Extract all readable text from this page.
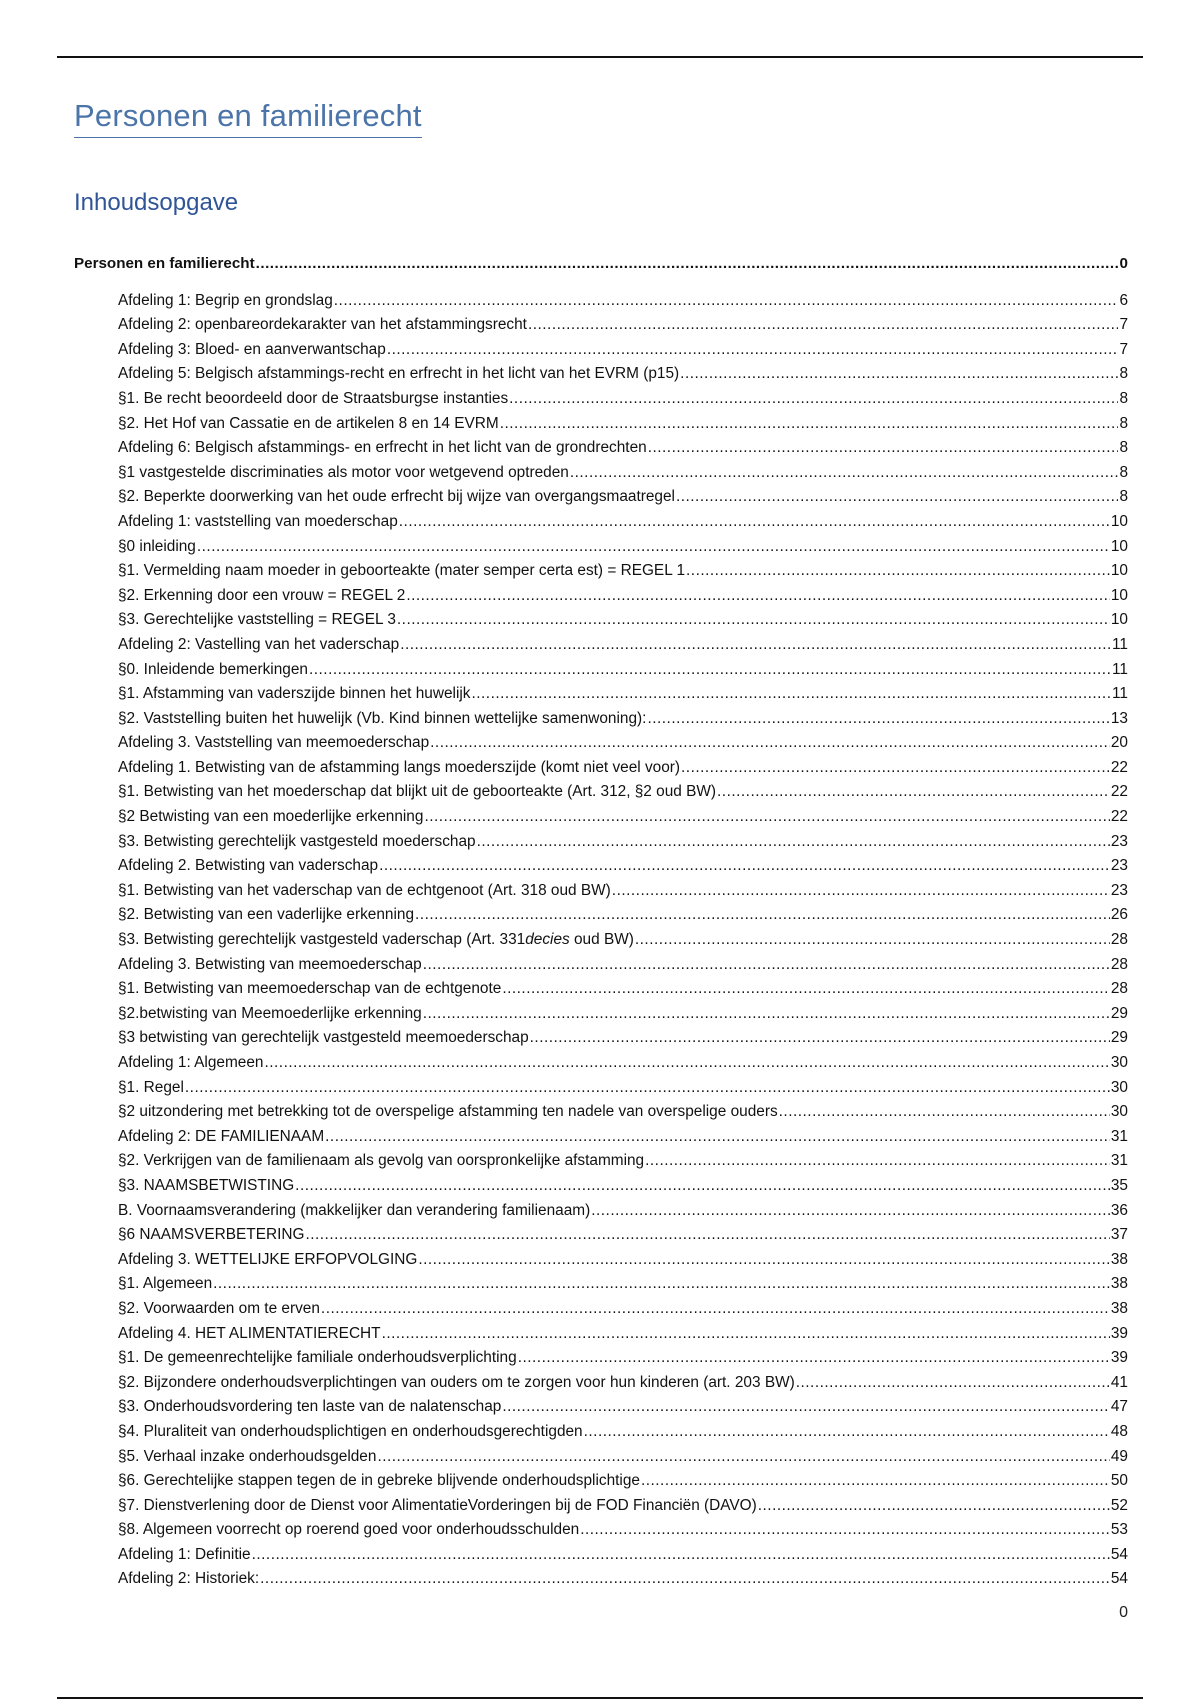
Personen en familierecht
Inhoudsopgave
Personen en familierecht .....	0
Afdeling 1: Begrip en grondslag .....	6
Afdeling 2: openbareordekarakter van het afstammingsrecht .....	7
Afdeling 3: Bloed- en aanverwantschap .....	7
Afdeling 5: Belgisch afstammings-recht en erfrecht in het licht van het EVRM (p15) .....	8
§1. Be recht beoordeeld door de Straatsburgse instanties .....	8
§2. Het Hof van Cassatie en de artikelen 8 en 14 EVRM .....	8
Afdeling 6: Belgisch afstammings- en erfrecht in het licht van de grondrechten .....	8
§1 vastgestelde discriminaties als motor voor wetgevend optreden .....	8
§2. Beperkte doorwerking van het oude erfrecht bij wijze van overgangsmaatregel .....	8
Afdeling 1: vaststelling van moederschap .....	10
§0 inleiding .....	10
§1. Vermelding naam moeder in geboorteakte (mater semper certa est) = REGEL 1 .....	10
§2. Erkenning door een vrouw = REGEL 2 .....	10
§3. Gerechtelijke vaststelling = REGEL 3 .....	10
Afdeling 2: Vastelling van het vaderschap .....	11
§0. Inleidende bemerkingen .....	11
§1. Afstamming van vaderszijde binnen het huwelijk .....	11
§2. Vaststelling buiten het huwelijk (Vb. Kind binnen wettelijke samenwoning): .....	13
Afdeling 3. Vaststelling van meemoederschap .....	20
Afdeling 1. Betwisting van de afstamming langs moederszijde (komt niet veel voor) .....	22
§1. Betwisting van het moederschap dat blijkt uit de geboorteakte (Art. 312, §2 oud BW) .....	22
§2 Betwisting van een moederlijke erkenning .....	22
§3. Betwisting gerechtelijk vastgesteld moederschap .....	23
Afdeling 2. Betwisting van vaderschap .....	23
§1. Betwisting van het vaderschap van de echtgenoot (Art. 318 oud BW) .....	23
§2. Betwisting van een vaderlijke erkenning .....	26
§3. Betwisting gerechtelijk vastgesteld vaderschap (Art. 331decies oud BW) .....	28
Afdeling 3. Betwisting van meemoederschap .....	28
§1. Betwisting van meemoederschap van de echtgenote .....	28
§2.betwisting van Meemoederlijke erkenning .....	29
§3 betwisting van gerechtelijk vastgesteld meemoederschap .....	29
Afdeling 1: Algemeen .....	30
§1. Regel .....	30
§2 uitzondering met betrekking tot de overspelige afstamming ten nadele van overspelige ouders .....	30
Afdeling 2: DE FAMILIENAAM .....	31
§2. Verkrijgen van de familienaam als gevolg van oorspronkelijke afstamming .....	31
§3. NAAMSBETWISTING .....	35
B. Voornaamsverandering (makkelijker dan verandering familienaam) .....	36
§6 NAAMSVERBETERING .....	37
Afdeling 3. WETTELIJKE ERFOPVOLGING .....	38
§1. Algemeen .....	38
§2. Voorwaarden om te erven .....	38
Afdeling 4. HET ALIMENTATIERECHT .....	39
§1. De gemeenrechtelijke familiale onderhoudsverplichting .....	39
§2. Bijzondere onderhoudsverplichtingen van ouders om te zorgen voor hun kinderen (art. 203 BW) .....	41
§3. Onderhoudsvordering ten laste van de nalatenschap .....	47
§4. Pluraliteit van onderhoudsplichtigen en onderhoudsgerechtigden .....	48
§5. Verhaal inzake onderhoudsgelden .....	49
§6. Gerechtelijke stappen tegen de in gebreke blijvende onderhoudsplichtige .....	50
§7. Dienstverlening door de Dienst voor AlimentatieVorderingen bij de FOD Financiën (DAVO) .....	52
§8. Algemeen voorrecht op roerend goed voor onderhoudsschulden .....	53
Afdeling 1: Definitie .....	54
Afdeling 2: Historiek: .....	54
0
